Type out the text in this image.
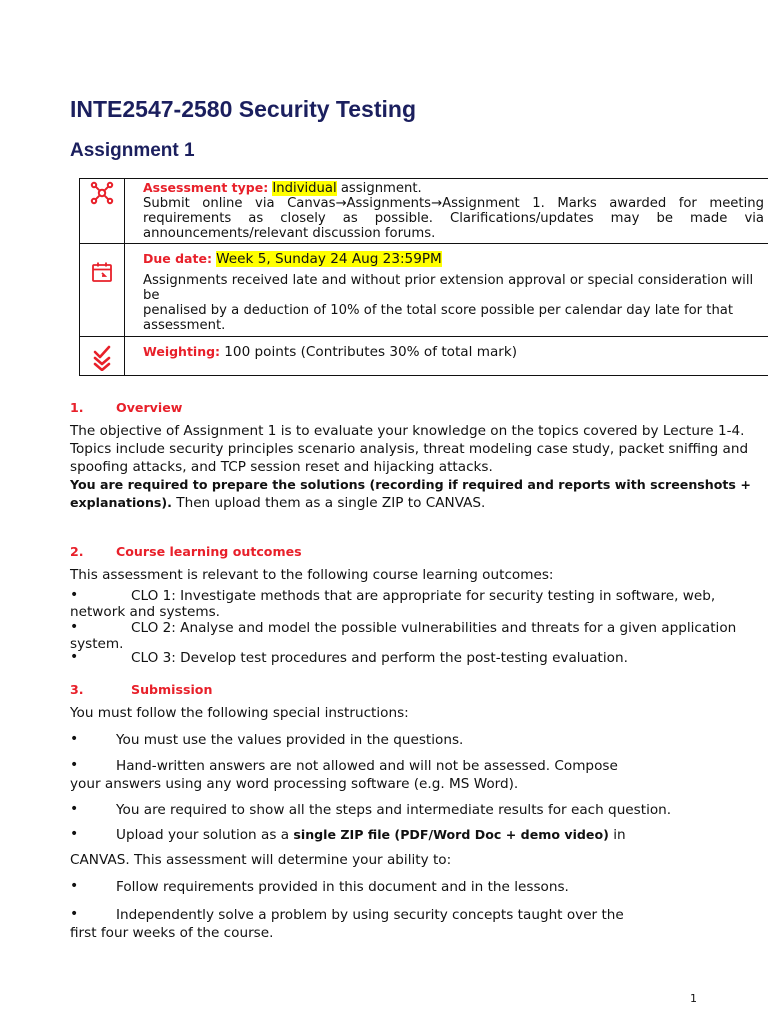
INTE2547-2580 Security Testing
Assignment 1

Assessment type: Individual assignment.
Submit online via Canvas→Assignments→Assignment 1. Marks awarded for meeting requirements as closely as possible. Clarifications/updates may be made via announcements/relevant discussion forums.

Due date: Week 5, Sunday 24 Aug 23:59PM
Assignments received late and without prior extension approval or special consideration will be
penalised by a deduction of 10% of the total score possible per calendar day late for that assessment.

Weighting: 100 points (Contributes 30% of total mark)
1.	Overview

The objective of Assignment 1 is to evaluate your knowledge on the topics covered by Lecture 1-4. Topics include security principles scenario analysis, threat modeling case study, packet sniffing and spoofing attacks, and TCP session reset and hijacking attacks.

You are required to prepare the solutions (recording if required and reports with screenshots + explanations). Then upload them as a single ZIP to CANVAS.

2.	Course learning outcomes

This assessment is relevant to the following course learning outcomes:

•	CLO 1: Investigate methods that are appropriate for security testing in software, web, network and systems.
•	CLO 2: Analyse and model the possible vulnerabilities and threats for a given application system.
•	CLO 3: Develop test procedures and perform the post-testing evaluation.
3.	Submission

You must follow the following special instructions:

•	You must use the values provided in the questions.
•	Hand-written answers are not allowed and will not be assessed. Compose your answers using any word processing software (e.g. MS Word).
•	You are required to show all the steps and intermediate results for each question.
•	Upload your solution as a single ZIP file (PDF/Word Doc + demo video) in

CANVAS. This assessment will determine your ability to:

•	Follow requirements provided in this document and in the lessons.
•	Independently solve a problem by using security concepts taught over the first four weeks of the course.
1
